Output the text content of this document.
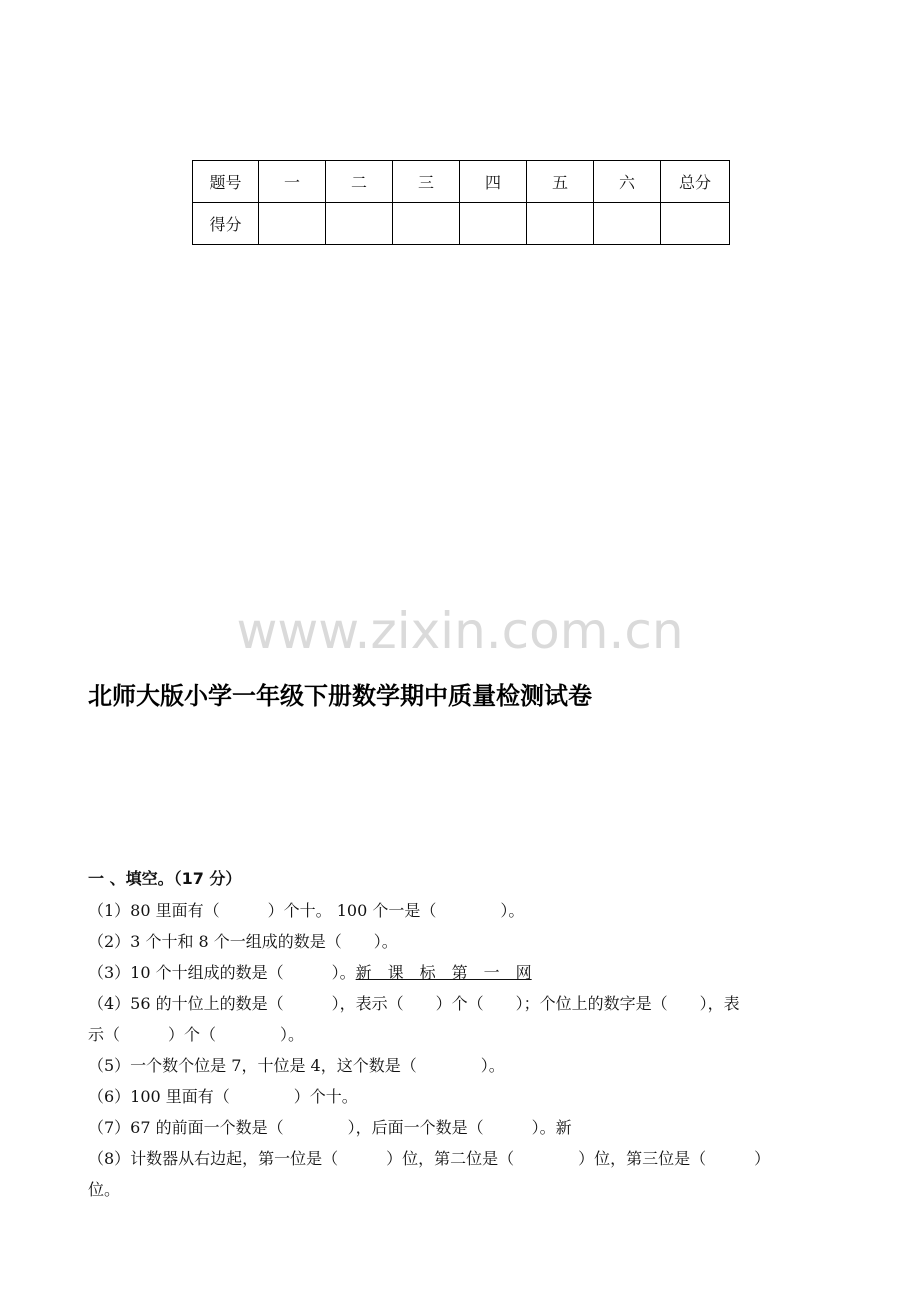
题号	一	二	三	四	五	六	总分
得分							
www.zixin.com.cn
北师大版小学一年级下册数学期中质量检测试卷
一 、填空。（17 分）
（1）80 里面有（　　　）个十。 100 个一是（　　　　）。
（2）3 个十和 8 个一组成的数是（　　）。
（3）10 个十组成的数是（　　　）。新　课　标　第　一　网
（4）56 的十位上的数是（　　　），表示（　　）个（　　）；个位上的数字是（　　），表
示（　　　）个（　　　　）。
（5）一个数个位是 7，十位是 4，这个数是（　　　　）。
（6）100 里面有（　　　　）个十。
（7）67 的前面一个数是（　　　　），后面一个数是（　　　）。新
（8）计数器从右边起，第一位是（　　　）位，第二位是（　　　　）位，第三位是（　　　）
位。
